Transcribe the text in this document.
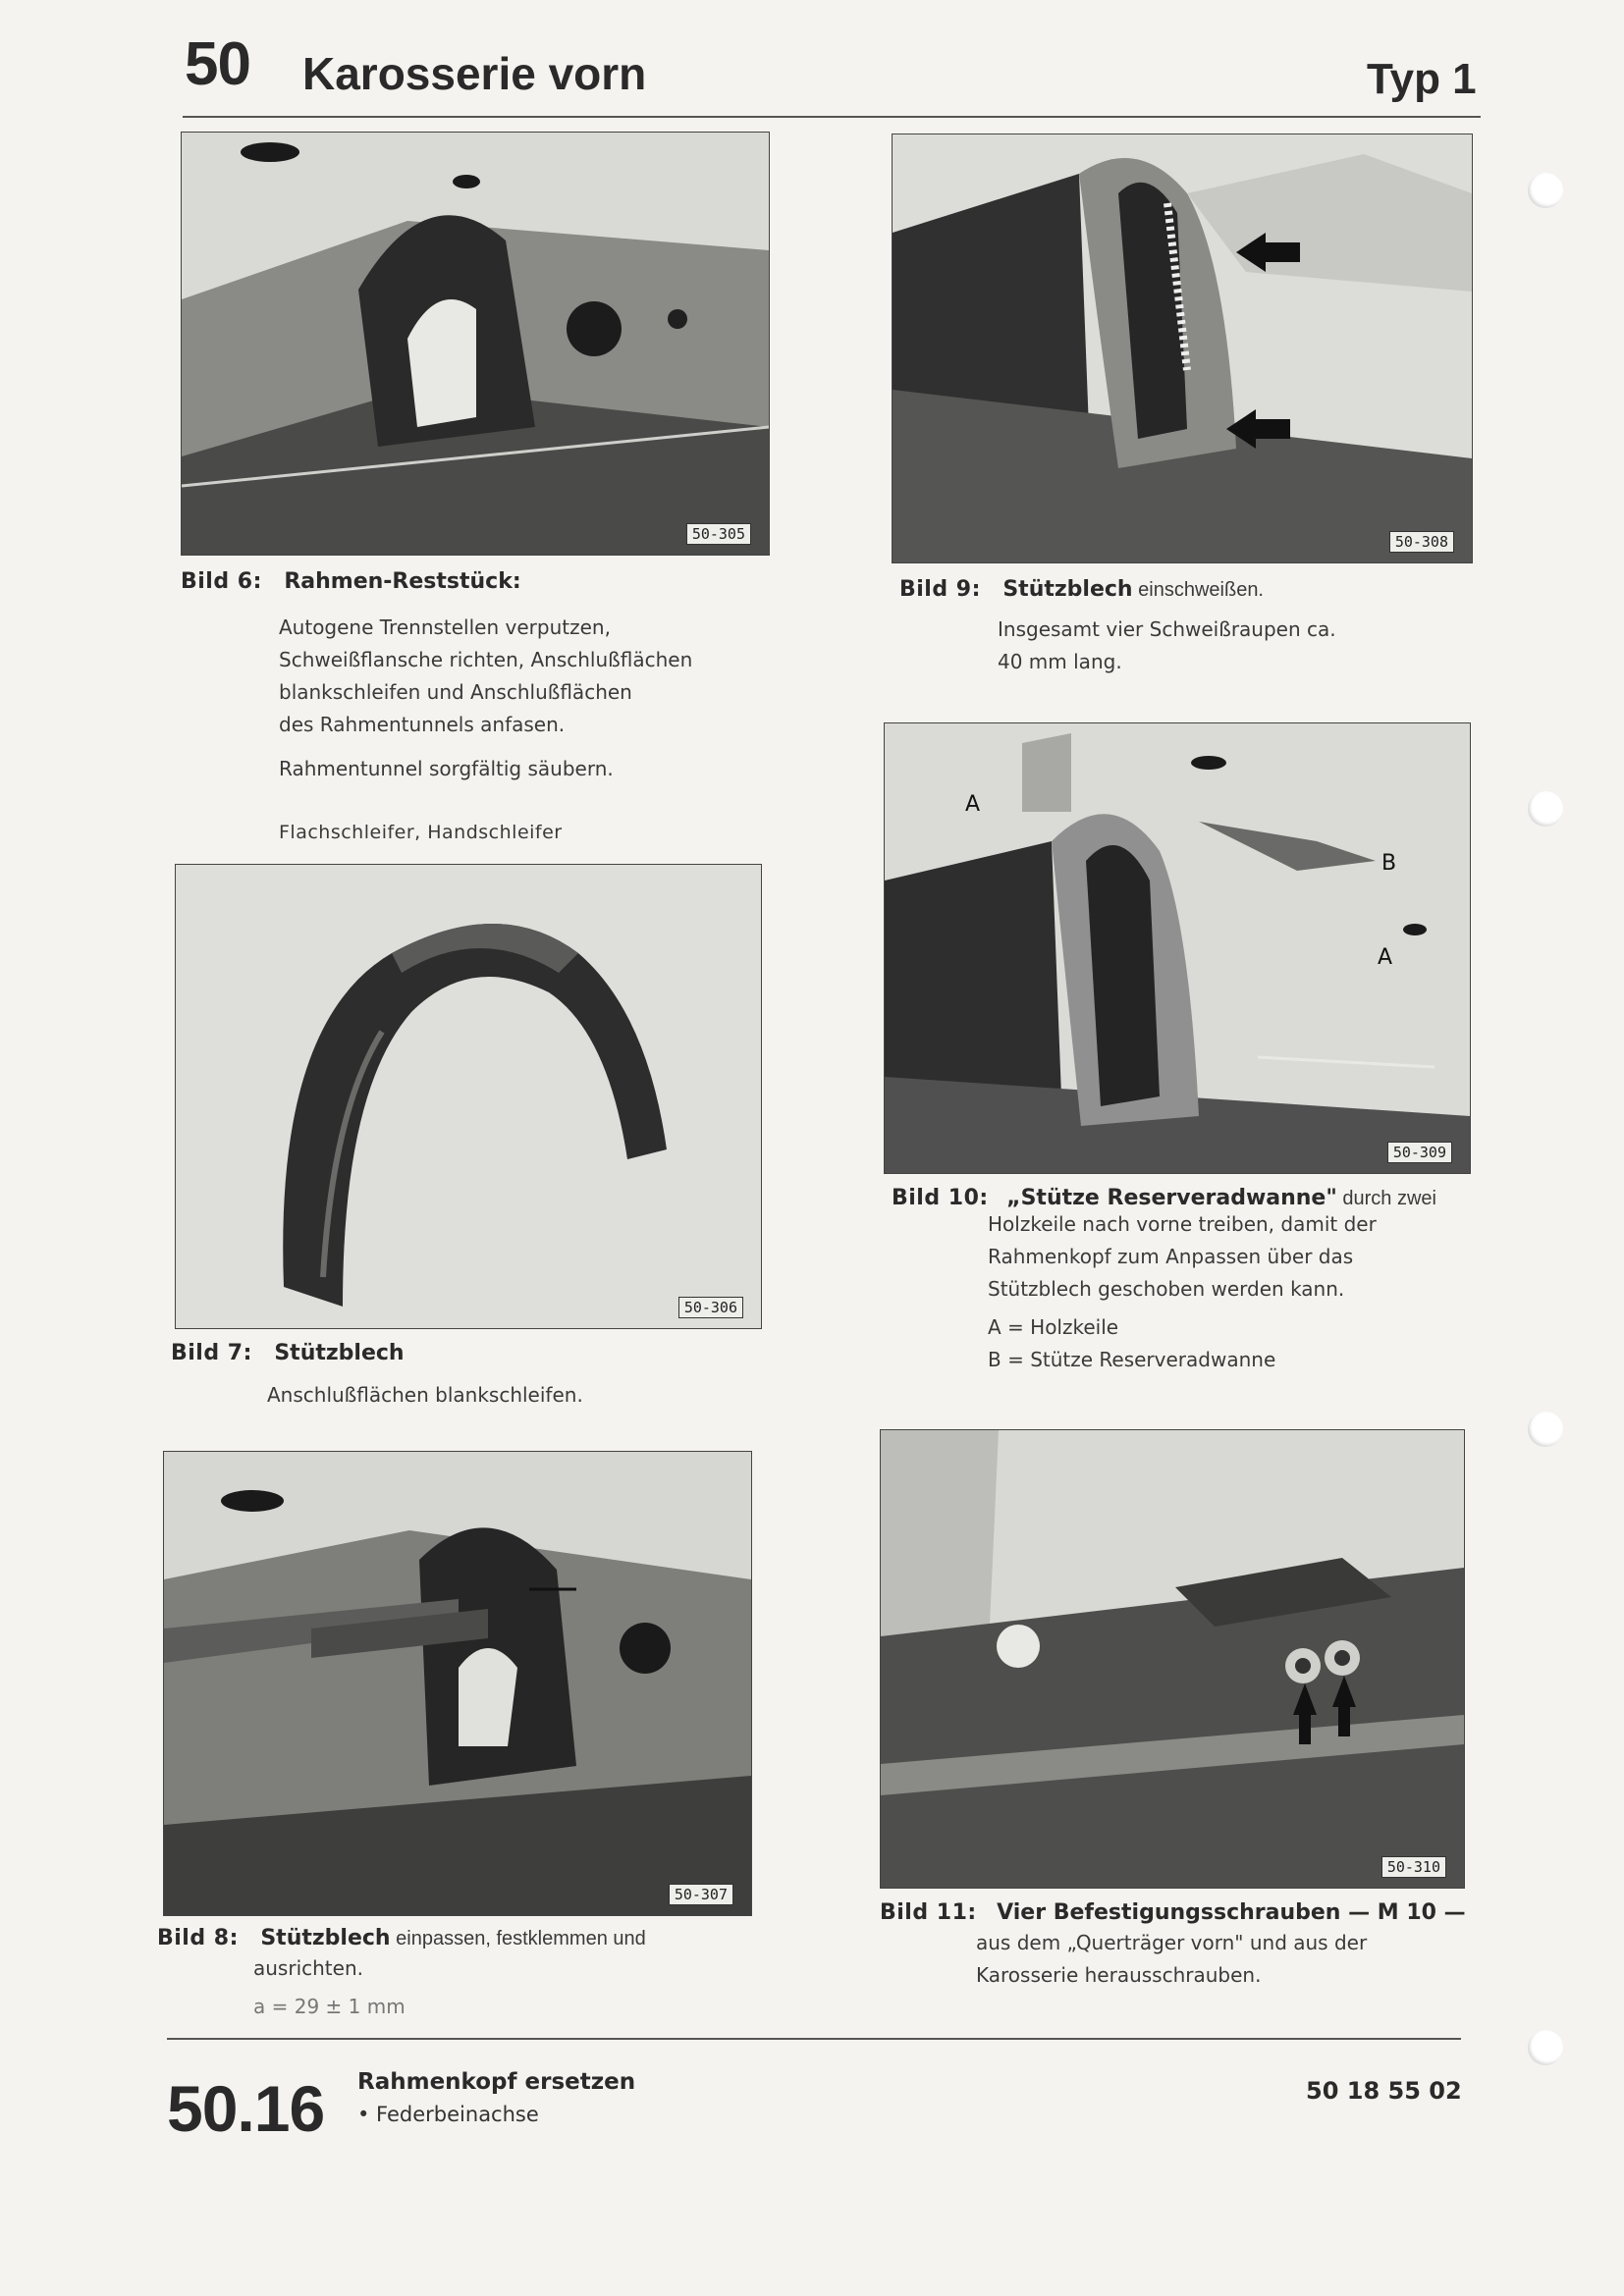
50 Karosserie vorn	Typ 1
50-305
Bild 6: Rahmen-Reststück:

Autogene Trennstellen verputzen,

Schweißflansche richten, Anschlußflächen

blankschleifen und Anschlußflächen

des Rahmentunnels anfasen.

Rahmentunnel sorgfältig säubern.

Flachschleifer, Handschleifer

50-306
Bild 7: Stützblech

Anschlußflächen blankschleifen.

50-307
Bild 8: Stützblech einpassen, festklemmen und

ausrichten.

a = 29 ± 1 mm

50-308
Bild 9: Stützblech einschweißen.

Insgesamt vier Schweißraupen ca.

40 mm lang.

A
B
A
50-309
Bild 10: „Stütze Reserveradwanne" durch zwei

Holzkeile nach vorne treiben, damit der

Rahmenkopf zum Anpassen über das

Stützblech geschoben werden kann.

A = Holzkeile

B = Stütze Reserveradwanne

50-310
Bild 11: Vier Befestigungsschrauben — M 10 —

aus dem „Querträger vorn" und aus der

Karosserie herausschrauben.

50.16 Rahmenkopf ersetzen
• Federbeinachse
50 18 55 02
